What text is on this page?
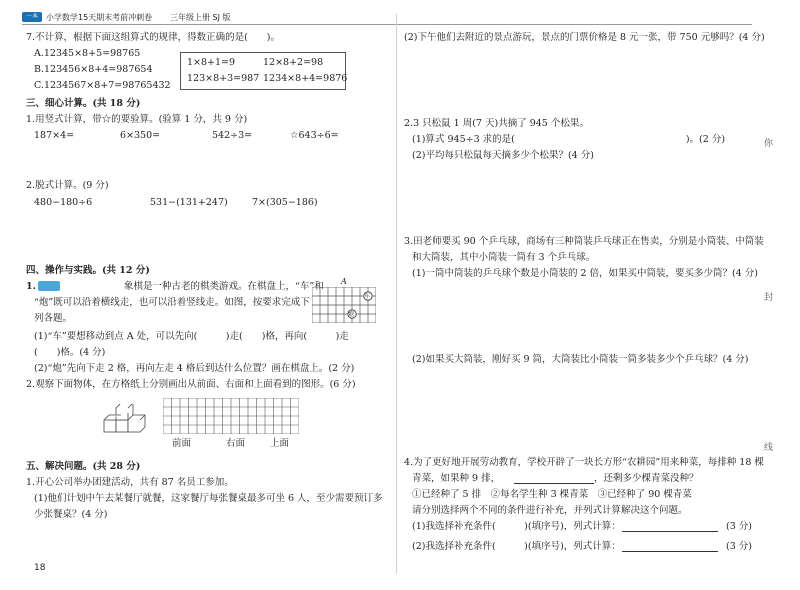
一本	小学数学15天期末考前冲刺卷 三年级上册 SJ 版
7.不计算，根据下面这组算式的规律，得数正确的是(　　)。
A.12345×8+5=98765
B.123456×8+4=987654
C.1234567×8+7=98765432
1×8+1=9	12×8+2=98
123×8+3=987 1234×8+4=9876
三、细心计算。(共 18 分)
1.用竖式计算，带☆的要验算。(验算 1 分，共 9 分)
187×4=	6×350=	542÷3=	☆643÷6=
2.脱式计算。(9 分)
480−180÷6	531−(131+247)	7×(305−186)
四、操作与实践。(共 12 分)
1.	象棋是一种古老的棋类游戏。在棋盘上，“车”和
“炮”既可以沿着横线走，也可以沿着竖线走。如图，按要求完成下
列各题。
A
车
炮
(1)“车”要想移动到点 A 处，可以先向(　　　)走(　　)格，再向(　　　)走
(　　)格。(4 分)
(2)“炮”先向下走 2 格，再向左走 4 格后到达什么位置？画在棋盘上。(2 分)
2.观察下面物体，在方格纸上分别画出从前面、右面和上面看到的图形。(6 分)
前面	右面	上面
五、解决问题。(共 28 分)
1.开心公司举办团建活动，共有 87 名员工参加。
(1)他们计划中午去某餐厅就餐，这家餐厅每张餐桌最多可坐 6 人，至少需要预订多
少张餐桌？(4 分)
18
(2)下午他们去附近的景点游玩，景点的门票价格是 8 元一张，带 750 元够吗？(4 分)
2.3 只松鼠 1 周(7 天)共摘了 945 个松果。
(1)算式 945÷3 求的是(　　　　　　　　　　　　　　　　　　)。(2 分)
(2)平均每只松鼠每天摘多少个松果？(4 分)
3.田老师要买 90 个乒乓球，商场有三种筒装乒乓球正在售卖，分别是小筒装、中筒装
和大筒装，其中小筒装一筒有 3 个乒乓球。
(1)一筒中筒装的乒乓球个数是小筒装的 2 倍，如果买中筒装，要买多少筒？(4 分)
(2)如果买大筒装，刚好买 9 筒，大筒装比小筒装一筒多装多少个乒乓球？(4 分)
4.为了更好地开展劳动教育，学校开辟了一块长方形“农耕园”用来种菜，每排种 18 棵
青菜，如果种 9 排，	，还剩多少棵青菜没种？
①已经种了 5 排　②每名学生种 3 棵青菜　③已经种了 90 棵青菜
请分别选择两个不同的条件进行补充，并列式计算解决这个问题。
(1)我选择补充条件(　　　)(填序号)，列式计算：	(3 分)
(2)我选择补充条件(　　　)(填序号)，列式计算：	(3 分)
你
封
线
